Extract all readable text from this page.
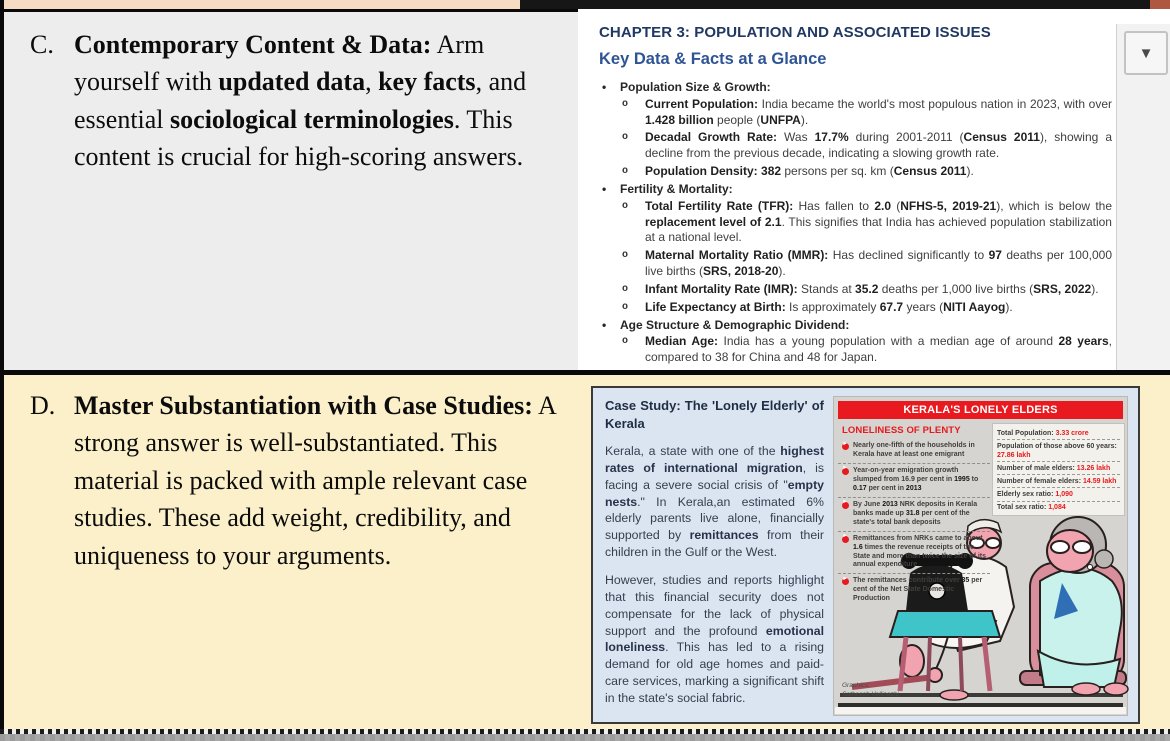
C. Contemporary Content & Data: Arm yourself with updated data, key facts, and essential sociological terminologies. This content is crucial for high-scoring answers.
CHAPTER 3: POPULATION AND ASSOCIATED ISSUES
Key Data & Facts at a Glance
•	Population Size & Growth:
o	Current Population: India became the world's most populous nation in 2023, with over 1.428 billion people (UNFPA).
o	Decadal Growth Rate: Was 17.7% during 2001-2011 (Census 2011), showing a decline from the previous decade, indicating a slowing growth rate.
o	Population Density: 382 persons per sq. km (Census 2011).
•	Fertility & Mortality:
o	Total Fertility Rate (TFR): Has fallen to 2.0 (NFHS-5, 2019-21), which is below the replacement level of 2.1. This signifies that India has achieved population stabilization at a national level.
o	Maternal Mortality Ratio (MMR): Has declined significantly to 97 deaths per 100,000 live births (SRS, 2018-20).
o	Infant Mortality Rate (IMR): Stands at 35.2 deaths per 1,000 live births (SRS, 2022).
o	Life Expectancy at Birth: Is approximately 67.7 years (NITI Aayog).
•	Age Structure & Demographic Dividend:
o	Median Age: India has a young population with a median age of around 28 years, compared to 38 for China and 48 for Japan.
▼
D. Master Substantiation with Case Studies: A strong answer is well-substantiated. This material is packed with ample relevant case studies. These add weight, credibility, and uniqueness to your arguments.
Case Study: The 'Lonely Elderly' of Kerala
Kerala, a state with one of the highest rates of international migration, is facing a severe social crisis of "empty nests." In Kerala,an estimated 6% elderly parents live alone, financially supported by remittances from their children in the Gulf or the West.
However, studies and reports highlight that this financial security does not compensate for the lack of physical support and the profound emotional loneliness. This has led to a rising demand for old age homes and paid-care services, marking a significant shift in the state's social fabric.
KERALA'S LONELY ELDERS
LONELINESS OF PLENTY
▸
Nearly one-fifth of the households in Kerala have at least one emigrant
▸
Year-on-year emigration growth slumped from 16.9 per cent in 1995 to 0.17 per cent in 2013
▸
By June 2013 NRK deposits in Kerala banks made up 31.8 per cent of the state's total bank deposits
▸
Remittances from NRKs came to about 1.6 times the revenue receipts of the State and more than twice the size of its annual expenditure
▸
The remittances contribute over 35 per cent of the Net State Domestic Production
Total Population: 3.33 crore
Population of those above 60 years: 27.86 lakh
Number of male elders: 13.26 lakh
Number of female elders: 14.59 lakh
Elderly sex ratio: 1,090
Total sex ratio: 1,084
Graphics:
Satheesh Vellinezhi
